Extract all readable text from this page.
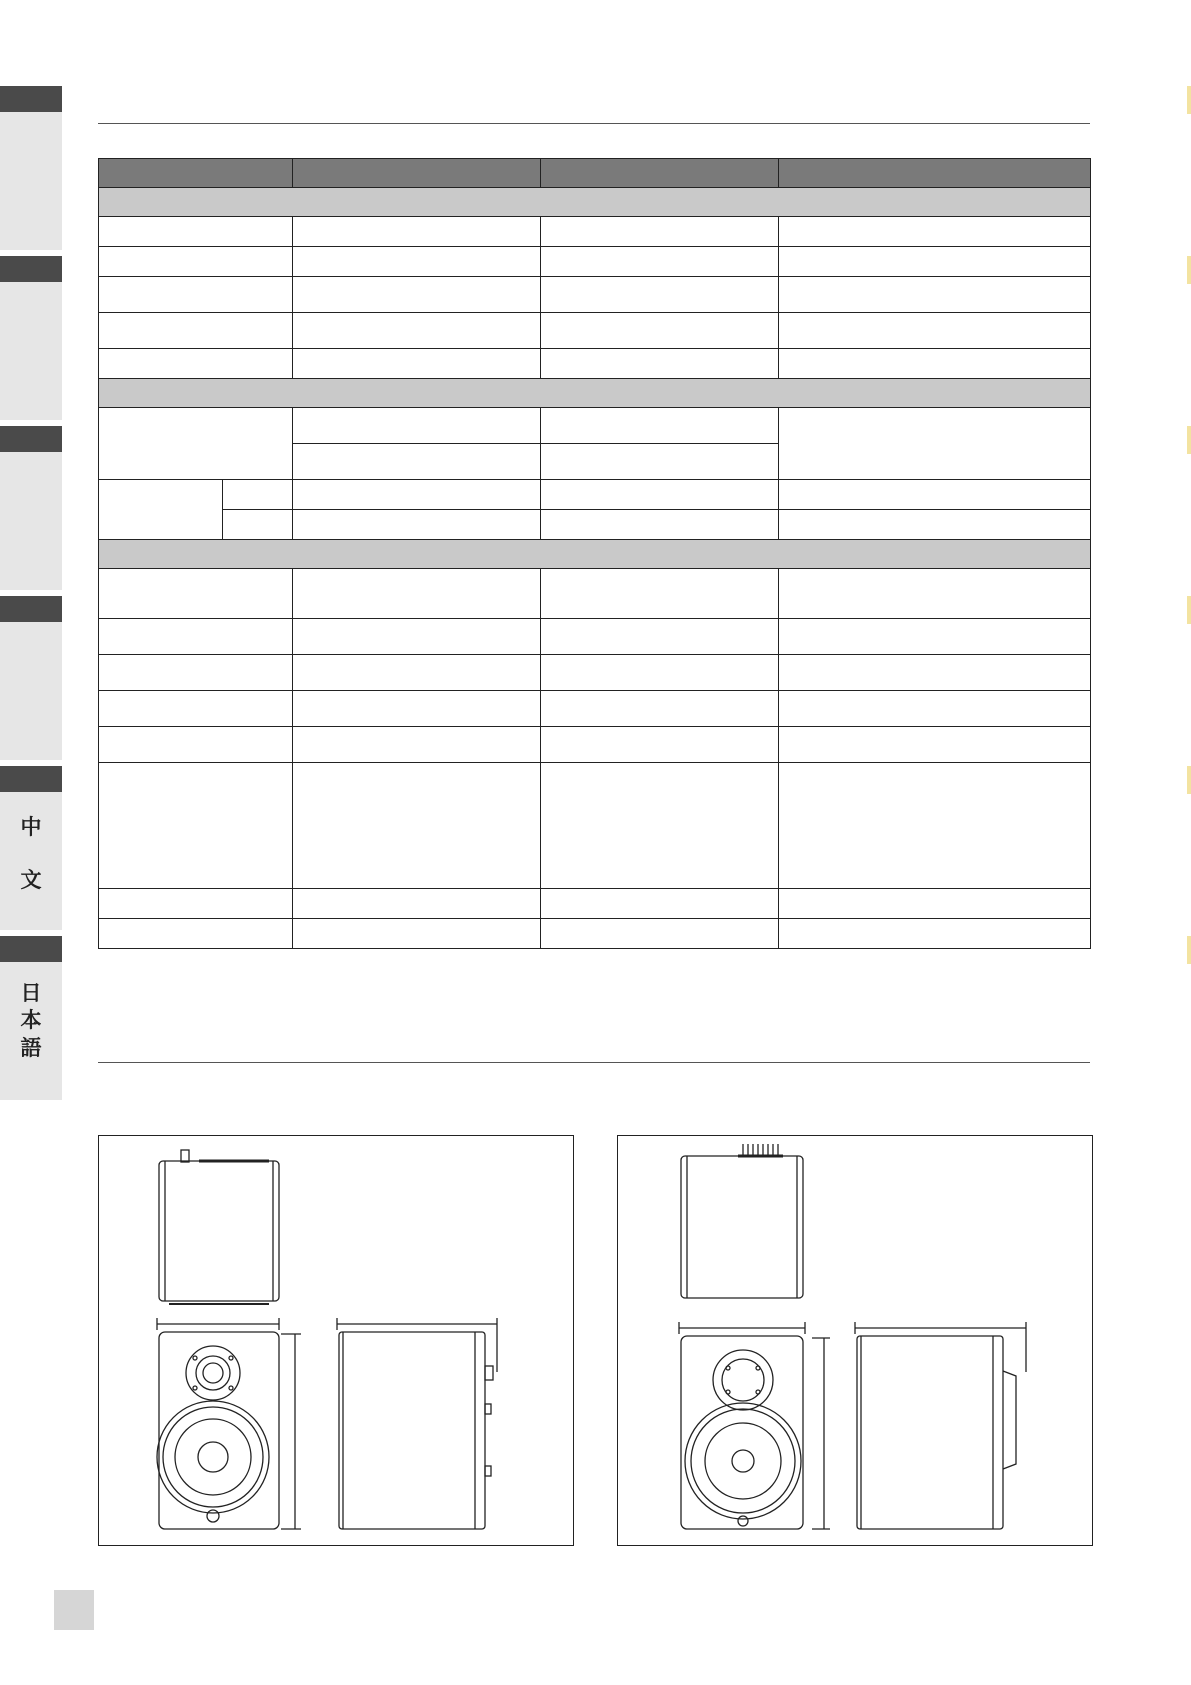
中
文
日
本
語
